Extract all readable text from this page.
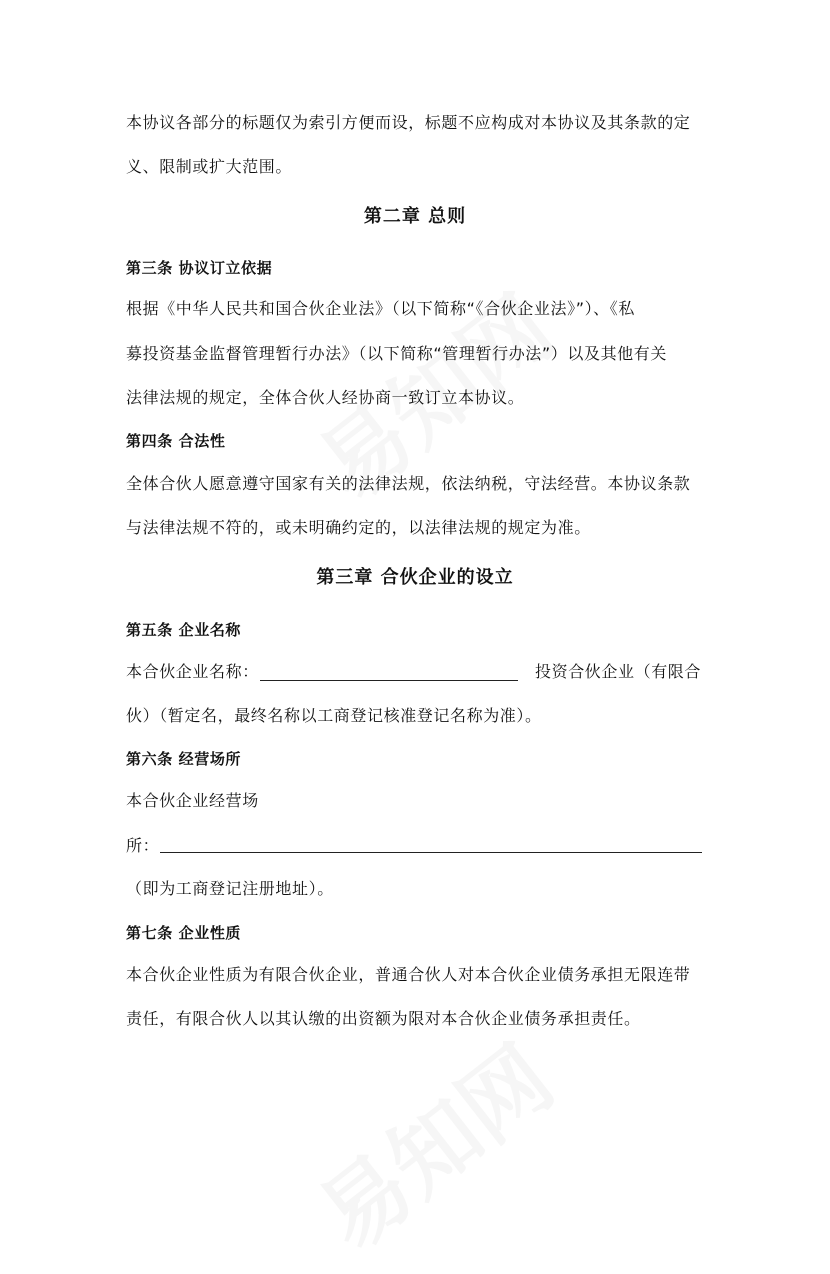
本协议各部分的标题仅为索引方便而设，标题不应构成对本协议及其条款的定
义、限制或扩大范围。
第二章 总则
第三条 协议订立依据
根据《中华人民共和国合伙企业法》（以下简称“《合伙企业法》”）、《私
募投资基金监督管理暂行办法》（以下简称“管理暂行办法”）以及其他有关
法律法规的规定，全体合伙人经协商一致订立本协议。
第四条 合法性
全体合伙人愿意遵守国家有关的法律法规，依法纳税，守法经营。本协议条款
与法律法规不符的，或未明确约定的，以法律法规的规定为准。
第三章 合伙企业的设立
第五条 企业名称
本合伙企业名称：	投资合伙企业（有限合
伙）（暂定名，最终名称以工商登记核准登记名称为准）。
第六条 经营场所
本合伙企业经营场
所：
（即为工商登记注册地址）。
第七条 企业性质
本合伙企业性质为有限合伙企业，普通合伙人对本合伙企业债务承担无限连带
责任，有限合伙人以其认缴的出资额为限对本合伙企业债务承担责任。
